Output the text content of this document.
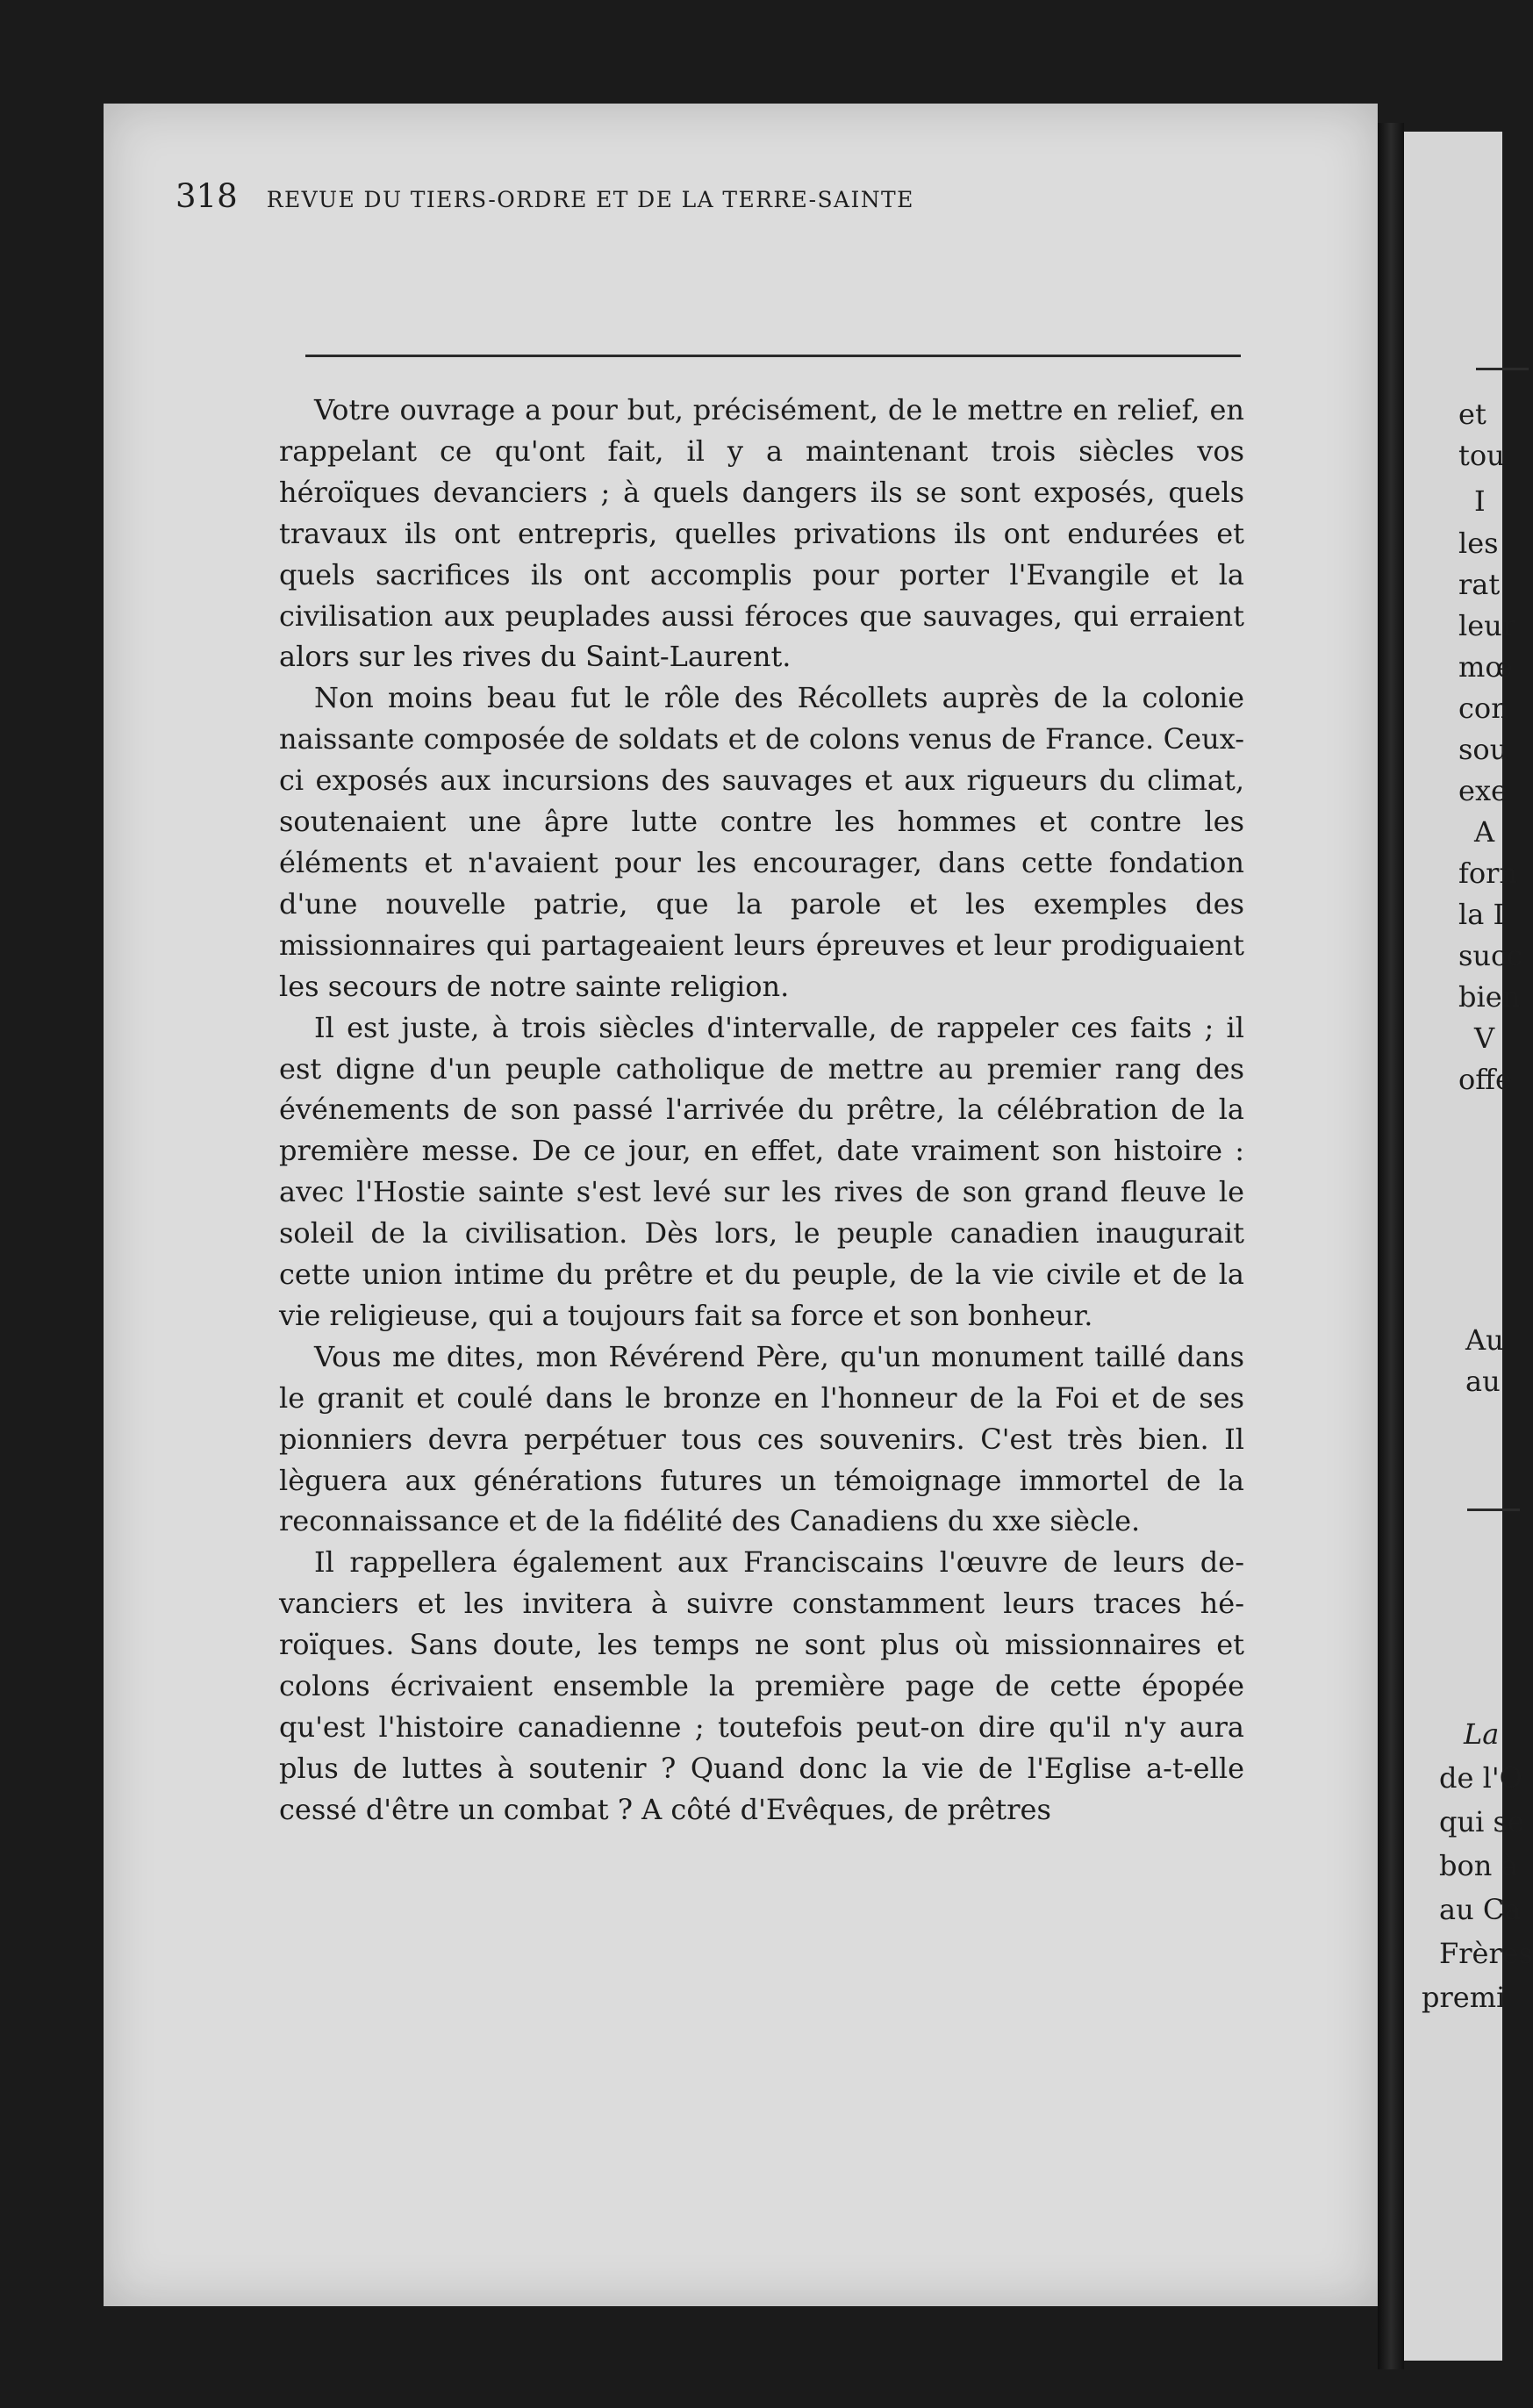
318 REVUE DU TIERS-ORDRE ET DE LA TERRE-SAINTE

Votre ouvrage a pour but, précisément, de le mettre en relief, en rappelant ce qu'ont fait, il y a maintenant trois siècles vos héroïques devanciers ; à quels dangers ils se sont exposés, quels travaux ils ont entrepris, quelles privations ils ont endurées et quels sacrifices ils ont accomplis pour porter l'Evangile et la civilisation aux peuplades aussi féroces que sauvages, qui erraient alors sur les rives du Saint-Laurent.

Non moins beau fut le rôle des Récollets auprès de la colonie naissante composée de soldats et de colons venus de France. Ceux-ci exposés aux incursions des sauvages et aux rigueurs du climat, soutenaient une âpre lutte contre les hommes et contre les éléments et n'avaient pour les encourager, dans cette fondation d'une nouvelle patrie, que la parole et les exemples des missionnaires qui partageaient leurs épreuves et leur prodiguaient les secours de notre sainte religion.

Il est juste, à trois siècles d'intervalle, de rappeler ces faits ; il est digne d'un peuple catholique de mettre au premier rang des événements de son passé l'arrivée du prêtre, la célébration de la première messe. De ce jour, en effet, date vraiment son histoire : avec l'Hostie sainte s'est levé sur les rives de son grand fleuve le soleil de la civilisation. Dès lors, le peuple canadien inaugurait cette union intime du prêtre et du peuple, de la vie civile et de la vie religieuse, qui a toujours fait sa force et son bonheur.

Vous me dites, mon Révérend Père, qu'un monument taillé dans le granit et coulé dans le bronze en l'honneur de la Foi et de ses pionniers devra perpétuer tous ces souvenirs. C'est très bien. Il lèguera aux générations futures un témoignage immortel de la reconnaissance et de la fidélité des Canadiens du xxe siècle.

Il rappellera également aux Franciscains l'œuvre de leurs devanciers et les invitera à suivre constamment leurs traces héroïques. Sans doute, les temps ne sont plus où missionnaires et colons écrivaient ensemble la première page de cette épopée qu'est l'histoire canadienne ; toutefois peut-on dire qu'il n'y aura plus de luttes à soutenir ? Quand donc la vie de l'Eglise a-t-elle cessé d'être un combat ? A côté d'Evêques, de prêtres

et
tou
I
les
rat
leur
mœ
con
sou
exe
A
forn
la I
succ
bien
V
offe
Au
au
La
de l'O
qui se
bon à
au Ca
Frères
premi
